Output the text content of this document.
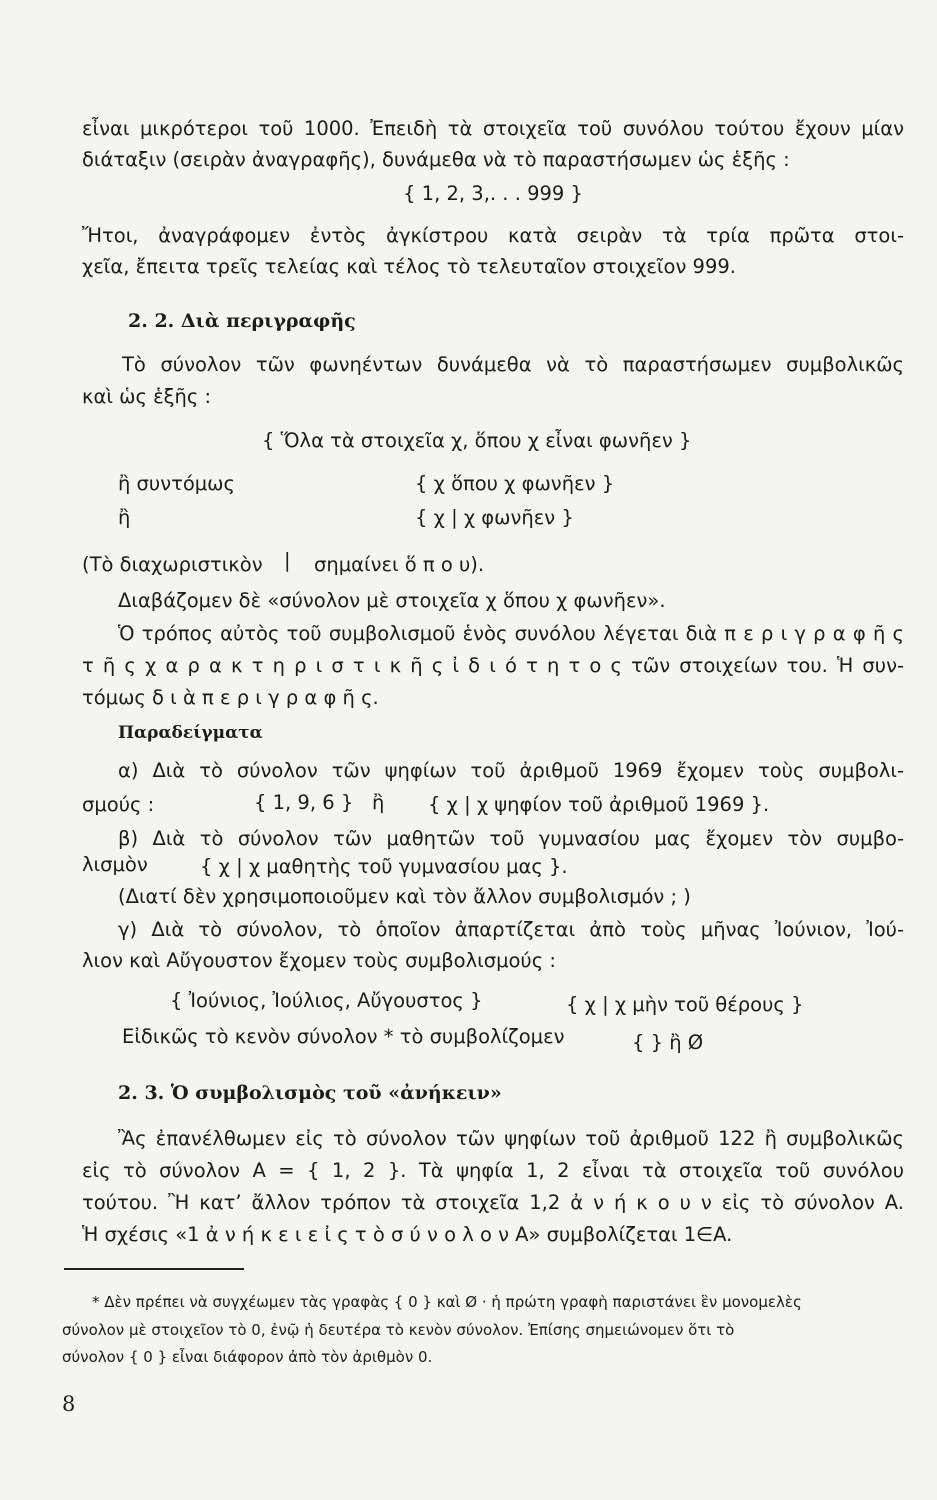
εἶναι μικρότεροι τοῦ 1000. Ἐπειδὴ τὰ στοιχεῖα τοῦ συνόλου τούτου ἔχουν μίαν
διάταξιν (σειρὰν ἀναγραφῆς), δυνάμεθα νὰ τὸ παραστήσωμεν ὡς ἑξῆς :
{ 1, 2, 3,. . . 999 }
Ἤτοι, ἀναγράφομεν ἐντὸς ἀγκίστρου κατὰ σειρὰν τὰ τρία πρῶτα στοι-
χεῖα, ἔπειτα τρεῖς τελείας καὶ τέλος τὸ τελευταῖον στοιχεῖον 999.
2. 2. Διὰ περιγραφῆς
Τὸ σύνολον τῶν φωνηέντων δυνάμεθα νὰ τὸ παραστήσωμεν συμβολικῶς
καὶ ὡς ἑξῆς :
{ Ὅλα τὰ στοιχεῖα χ, ὅπου χ εἶναι φωνῆεν }
ἢ συντόμως	{ χ ὅπου χ φωνῆεν }
ἢ	{ χ | χ φωνῆεν }
(Τὸ διαχωριστικὸν | σημαίνει ὅ π ο υ).
Διαβάζομεν δὲ «σύνολον μὲ στοιχεῖα χ ὅπου χ φωνῆεν».
Ὁ τρόπος αὐτὸς τοῦ συμβολισμοῦ ἑνὸς συνόλου λέγεται διὰ π ε ρ ι γ ρ α φ ῆ ς
τ ῆ ς χ α ρ α κ τ η ρ ι σ τ ι κ ῆ ς ἰ δ ι ό τ η τ ο ς τῶν στοιχείων του. Ἡ συν-
τόμως δ ι ὰ π ε ρ ι γ ρ α φ ῆ ς.
Παραδείγματα
α) Διὰ τὸ σύνολον τῶν ψηφίων τοῦ ἀριθμοῦ 1969 ἔχομεν τοὺς συμβολι-
σμούς :	{ 1, 9, 6 } ἢ { χ | χ ψηφίον τοῦ ἀριθμοῦ 1969 }.
β) Διὰ τὸ σύνολον τῶν μαθητῶν τοῦ γυμνασίου μας ἔχομεν τὸν συμβο-
λισμὸν	{ χ | χ μαθητὴς τοῦ γυμνασίου μας }.
(Διατί δὲν χρησιμοποιοῦμεν καὶ τὸν ἄλλον συμβολισμόν ; )
γ) Διὰ τὸ σύνολον, τὸ ὁποῖον ἀπαρτίζεται ἀπὸ τοὺς μῆνας Ἰούνιον, Ἰού-
λιον καὶ Αὔγουστον ἔχομεν τοὺς συμβολισμούς :
{ Ἰούνιος, Ἰούλιος, Αὔγουστος }	{ χ | χ μὴν τοῦ θέρους }
Εἰδικῶς τὸ κενὸν σύνολον * τὸ συμβολίζομεν	{ } ἢ Ø
2. 3. Ὁ συμβολισμὸς τοῦ «ἀνήκειν»
Ἂς ἐπανέλθωμεν εἰς τὸ σύνολον τῶν ψηφίων τοῦ ἀριθμοῦ 122 ἢ συμβολικῶς
εἰς τὸ σύνολον A = { 1, 2 }. Τὰ ψηφία 1, 2 εἶναι τὰ στοιχεῖα τοῦ συνόλου
τούτου. Ἢ κατ’ ἄλλον τρόπον τὰ στοιχεῖα 1,2 ἀ ν ή κ ο υ ν εἰς τὸ σύνολον A.
Ἡ σχέσις «1 ἀ ν ή κ ε ι ε ἰ ς τ ὸ σ ύ ν ο λ ο ν A» συμβολίζεται 1∈A.
* Δὲν πρέπει νὰ συγχέωμεν τὰς γραφὰς { 0 } καὶ Ø · ἡ πρώτη γραφὴ παριστάνει ἓν μονομελὲς
σύνολον μὲ στοιχεῖον τὸ 0, ἐνῷ ἡ δευτέρα τὸ κενὸν σύνολον. Ἐπίσης σημειώνομεν ὅτι τὸ
σύνολον { 0 } εἶναι διάφορον ἀπὸ τὸν ἀριθμὸν 0.
8
